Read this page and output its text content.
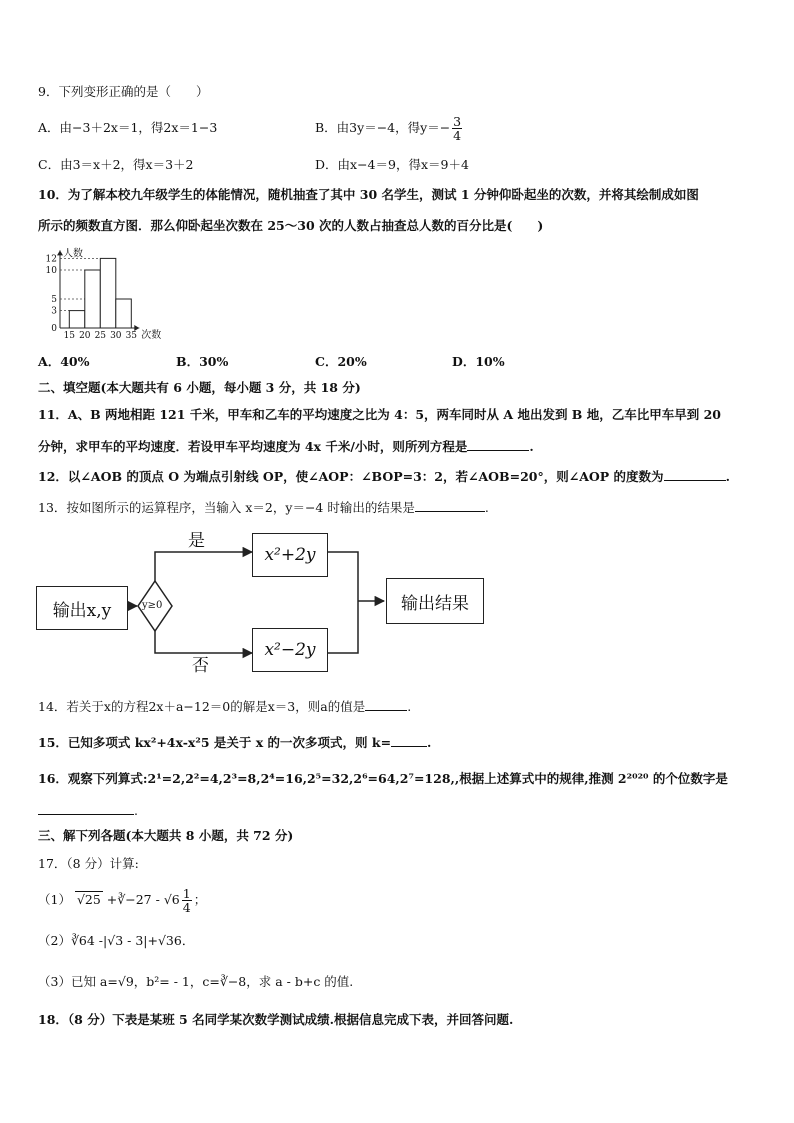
9．下列变形正确的是（　　）
A．由−3＋2x＝1，得2x＝1−3	B．由3y＝−4，得$y=- \frac{3}{4}$
C．由3＝x＋2，得x＝3＋2	D．由x−4＝9，得x＝9＋4
10．为了解本校九年级学生的体能情况，随机抽查了其中 30 名学生，测试 1 分钟仰卧起坐的次数，并将其绘制成如图
所示的频数直方图．那么仰卧起坐次数在 25～30 次的人数占抽查总人数的百分比是(　　)
0
3
5
10
12
15 20 25 30 35
人数
次数
A．40%	B．30%	C．20%	D．10%
二、填空题(本大题共有 6 小题，每小题 3 分，共 18 分)
11．A、B 两地相距 121 千米，甲车和乙车的平均速度之比为 4：5，两车同时从 A 地出发到 B 地，乙车比甲车早到 20
分钟，求甲车的平均速度．若设甲车平均速度为 4x 千米/小时，则所列方程是	.
12．以∠AOB 的顶点 O 为端点引射线 OP，使∠AOP：∠BOP=3：2，若∠AOB=20°，则∠AOP 的度数为	.
13．按如图所示的运算程序，当输入 x＝2，y＝−4 时输出的结果是	.
输出x,y	y≥0
是
否
x²+2y
x²−2y
输出结果
14．若关于x的方程2x＋a−12＝0的解是x＝3，则a的值是	.
15．已知多项式 kx²+4x-x²5 是关于 x 的一次多项式，则 k=	.
16．观察下列算式:2¹=2,2²=4,2³=8,2⁴=16,2⁵=32,2⁶=64,2⁷=128,,根据上述算式中的规律,推测 2²⁰²⁰ 的个位数字是
.
三、解下列各题(本大题共 8 小题，共 72 分)
17．（8 分）计算:
（1） √25 +∛−27 - $√6 \frac{1}{4}$ ；
（2）∛64 -|√3 - 3|+√36．
（3）已知 a=√9，b²= - 1，c=∛−8，求 a - b+c 的值.
18．（8 分）下表是某班 5 名同学某次数学测试成绩.根据信息完成下表，并回答问题.
